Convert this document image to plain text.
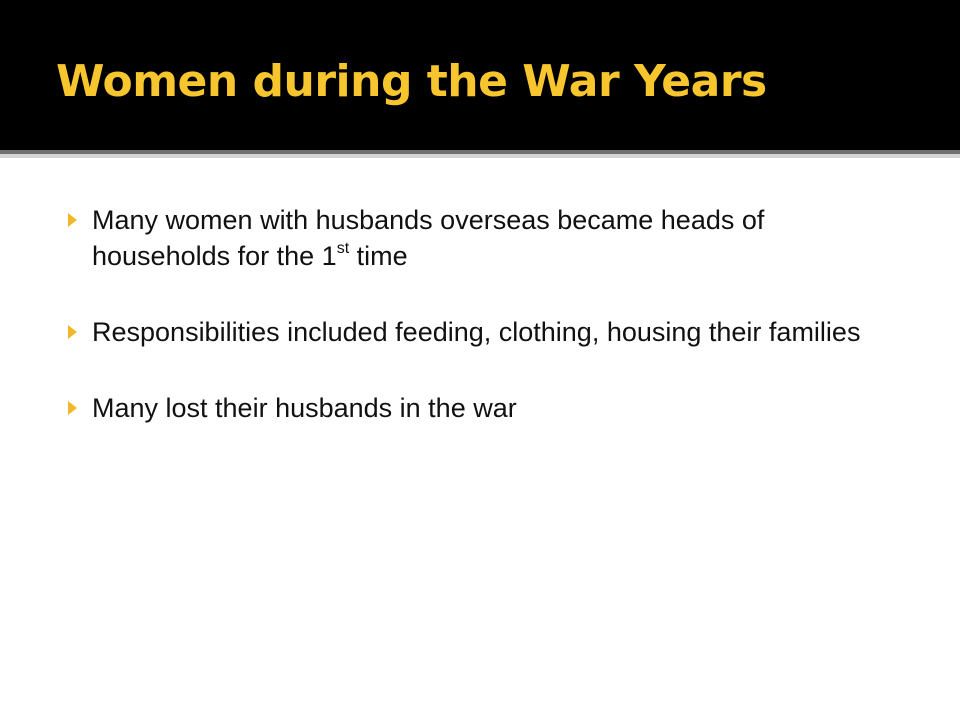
Women during the War Years
Many women with husbands overseas became heads of households for the 1st time
Responsibilities included feeding, clothing, housing their families
Many lost their husbands in the war
